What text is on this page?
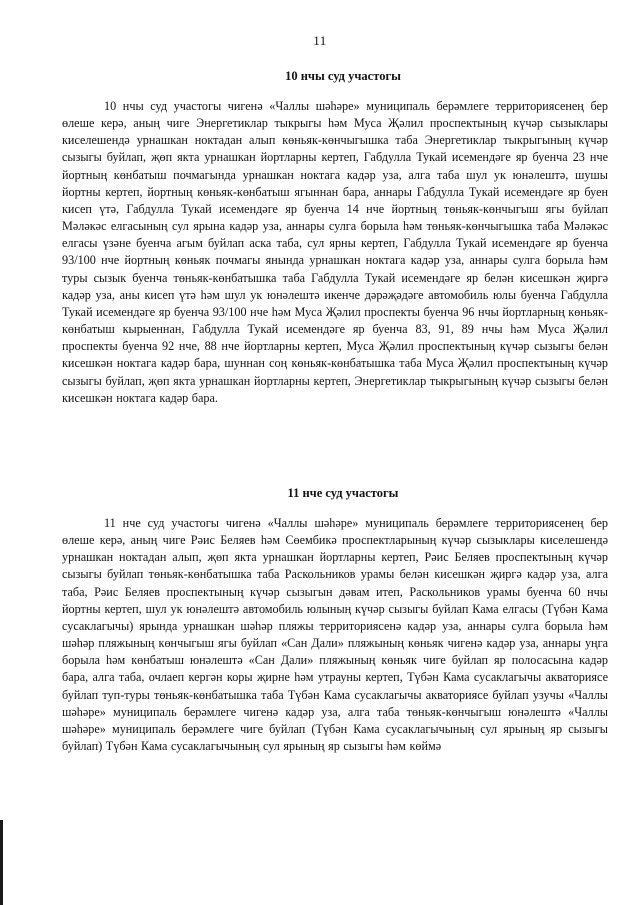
11
10 нчы суд участогы

10 нчы суд участогы чигенә «Чаллы шәһәре» муниципаль берәмлеге территориясенең бер өлеше керә, аның чиге Энергетиклар тыкрыгы һәм Муса Җәлил проспектының күчәр сызыклары киселешендә урнашкан ноктадан алып көньяк-көнчыгышка таба Энергетиклар тыкрыгының күчәр сызыгы буйлап, җөп якта урнашкан йортларны кертеп, Габдулла Тукай исемендәге яр буенча 23 нче йортның көнбатыш почмагында урнашкан ноктага кадәр уза, алга таба шул ук юнәлештә, шушы йортны кертеп, йортның көньяк-көнбатыш ягыннан бара, аннары Габдулла Тукай исемендәге яр буен кисеп үтә, Габдулла Тукай исемендәге яр буенча 14 нче йортның төньяк-көнчыгыш ягы буйлап Мәләкәс елгасының сул ярына кадәр уза, аннары сулга борыла һәм төньяк-көнчыгышка таба Мәләкәс елгасы үзәне буенча агым буйлап аска таба, сул ярны кертеп, Габдулла Тукай исемендәге яр буенча 93/100 нче йортның көньяк почмагы янында урнашкан ноктага кадәр уза, аннары сулга борыла һәм туры сызык буенча төньяк-көнбатышка таба Габдулла Тукай исемендәге яр белән кисешкән җиргә кадәр уза, аны кисеп үтә һәм шул ук юнәлештә икенче дәрәҗәдәге автомобиль юлы буенча Габдулла Тукай исемендәге яр буенча 93/100 нче һәм Муса Җәлил проспекты буенча 96 нчы йортларның көньяк-көнбатыш кырыеннан, Габдулла Тукай исемендәге яр буенча 83, 91, 89 нчы һәм Муса Җәлил проспекты буенча 92 нче, 88 нче йортларны кертеп, Муса Җәлил проспектының күчәр сызыгы белән кисешкән ноктага кадәр бара, шуннан соң көньяк-көнбатышка таба Муса Җәлил проспектының күчәр сызыгы буйлап, җөп якта урнашкан йортларны кертеп, Энергетиклар тыкрыгының күчәр сызыгы белән кисешкән ноктага кадәр бара.

11 нче суд участогы

11 нче суд участогы чигенә «Чаллы шәһәре» муниципаль берәмлеге территориясенең бер өлеше керә, аның чиге Рәис Беляев һәм Сөембикә проспектларының күчәр сызыклары киселешендә урнашкан ноктадан алып, җөп якта урнашкан йортларны кертеп, Рәис Беляев проспектының күчәр сызыгы буйлап төньяк-көнбатышка таба Раскольников урамы белән кисешкән җиргә кадәр уза, алга таба, Рәис Беляев проспектының күчәр сызыгын дәвам итеп, Раскольников урамы буенча 60 нчы йортны кертеп, шул ук юнәлештә автомобиль юлының күчәр сызыгы буйлап Кама елгасы (Түбән Кама сусаклагычы) ярында урнашкан шәһәр пляжы территориясенә кадәр уза, аннары сулга борыла һәм шәһәр пляжының көнчыгыш ягы буйлап «Сан Дали» пляжының көньяк чигенә кадәр уза, аннары уңга борыла һәм көнбатыш юнәлештә «Сан Дали» пляжының көньяк чиге буйлап яр полосасына кадәр бара, алга таба, очлаеп кергән коры җирне һәм утрауны кертеп, Түбән Кама сусаклагычы акваториясе буйлап туп-туры төньяк-көнбатышка таба Түбән Кама сусаклагычы акваториясе буйлап узучы «Чаллы шәһәре» муниципаль берәмлеге чигенә кадәр уза, алга таба төньяк-көнчыгыш юнәлештә «Чаллы шәһәре» муниципаль берәмлеге чиге буйлап (Түбән Кама сусаклагычының сул ярының яр сызыгы буйлап) Түбән Кама сусаклагычының сул ярының яр сызыгы һәм көймә
